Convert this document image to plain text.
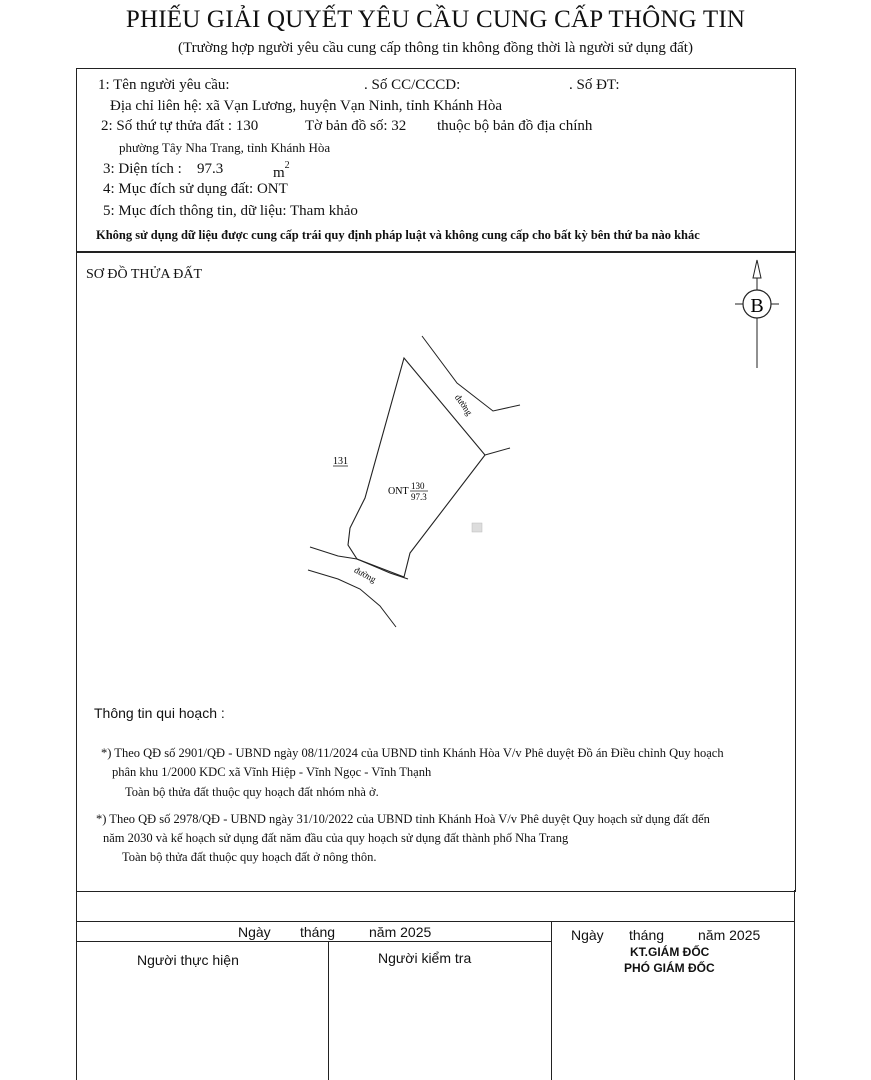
PHIẾU GIẢI QUYẾT YÊU CẦU CUNG CẤP THÔNG TIN
(Trường hợp người yêu cầu cung cấp thông tin không đồng thời là người sử dụng đất)
1: Tên người yêu cầu:	. Số CC/CCCD:	. Số ĐT:
Địa chỉ liên hệ: xã Vạn Lương, huyện Vạn Ninh, tỉnh Khánh Hòa
2: Số thứ tự thửa đất : 130	Tờ bản đồ số: 32 thuộc bộ bản đồ địa chính
phường Tây Nha Trang, tỉnh Khánh Hòa
3: Diện tích : 97.3	$m^2$
4: Mục đích sử dụng đất: ONT
5: Mục đích thông tin, dữ liệu: Tham khảo
Không sử dụng dữ liệu được cung cấp trái quy định pháp luật và không cung cấp cho bất kỳ bên thứ ba nào khác
SƠ ĐỒ THỬA ĐẤT
B
131
đường
đường
ONT 130
97.3
Thông tin qui hoạch :
*) Theo QĐ số 2901/QĐ - UBND ngày 08/11/2024 của UBND tỉnh Khánh Hòa V/v Phê duyệt Đồ án Điều chỉnh Quy hoạch
phân khu 1/2000 KDC xã Vĩnh Hiệp - Vĩnh Ngọc - Vĩnh Thạnh
Toàn bộ thửa đất thuộc quy hoạch đất nhóm nhà ở.
*) Theo QĐ số 2978/QĐ - UBND ngày 31/10/2022 của UBND tỉnh Khánh Hoà V/v Phê duyệt Quy hoạch sử dụng đất đến
năm 2030 và kế hoạch sử dụng đất năm đầu của quy hoạch sử dụng đất thành phố Nha Trang
Toàn bộ thửa đất thuộc quy hoạch đất ở nông thôn.
Ngày tháng năm 2025	Ngày tháng năm 2025
Người thực hiện	Người kiểm tra	KT.GIÁM ĐỐC
PHÓ GIÁM ĐỐC
